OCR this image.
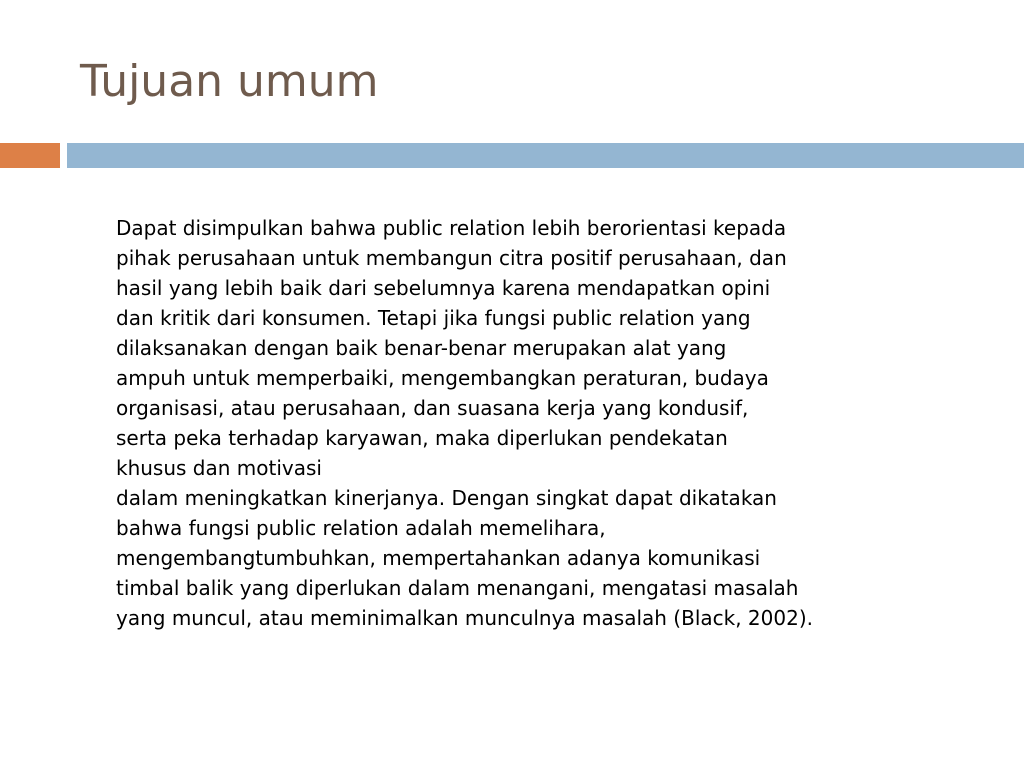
Tujuan umum

Dapat disimpulkan bahwa public relation lebih berorientasi kepada
pihak perusahaan untuk membangun citra positif perusahaan, dan
hasil yang lebih baik dari sebelumnya karena mendapatkan opini
dan kritik dari konsumen. Tetapi jika fungsi public relation yang
dilaksanakan dengan baik benar-benar merupakan alat yang
ampuh untuk memperbaiki, mengembangkan peraturan, budaya
organisasi, atau perusahaan, dan suasana kerja yang kondusif,
serta peka terhadap karyawan, maka diperlukan pendekatan
khusus dan motivasi
dalam meningkatkan kinerjanya. Dengan singkat dapat dikatakan
bahwa fungsi public relation adalah memelihara,
mengembangtumbuhkan, mempertahankan adanya komunikasi
timbal balik yang diperlukan dalam menangani, mengatasi masalah
yang muncul, atau meminimalkan munculnya masalah (Black, 2002).
